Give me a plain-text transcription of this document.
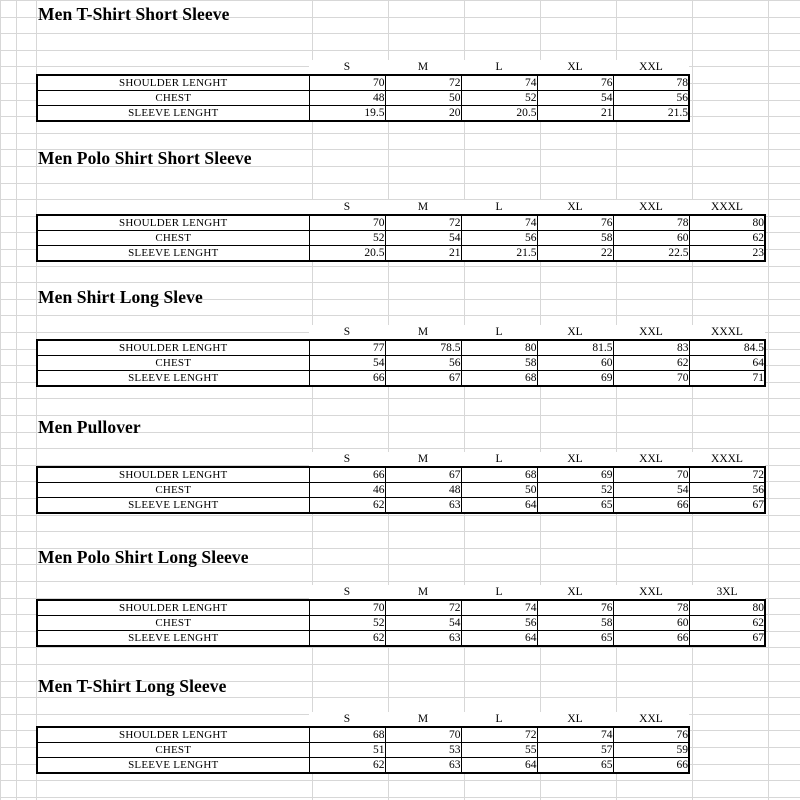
Men T-Shirt Short Sleeve
	S	M	L	XL	XXL
SHOULDER LENGHT	70	72	74	76	78
CHEST	48	50	52	54	56
SLEEVE LENGHT	19.5	20	20.5	21	21.5
Men Polo Shirt Short Sleeve
	S	M	L	XL	XXL	XXXL
SHOULDER LENGHT	70	72	74	76	78	80
CHEST	52	54	56	58	60	62
SLEEVE LENGHT	20.5	21	21.5	22	22.5	23
Men Shirt Long Sleve
	S	M	L	XL	XXL	XXXL
SHOULDER LENGHT	77	78.5	80	81.5	83	84.5
CHEST	54	56	58	60	62	64
SLEEVE LENGHT	66	67	68	69	70	71
Men Pullover
	S	M	L	XL	XXL	XXXL
SHOULDER LENGHT	66	67	68	69	70	72
CHEST	46	48	50	52	54	56
SLEEVE LENGHT	62	63	64	65	66	67
Men Polo Shirt Long Sleeve
	S	M	L	XL	XXL	3XL
SHOULDER LENGHT	70	72	74	76	78	80
CHEST	52	54	56	58	60	62
SLEEVE LENGHT	62	63	64	65	66	67
Men T-Shirt Long Sleeve
	S	M	L	XL	XXL
SHOULDER LENGHT	68	70	72	74	76
CHEST	51	53	55	57	59
SLEEVE LENGHT	62	63	64	65	66
